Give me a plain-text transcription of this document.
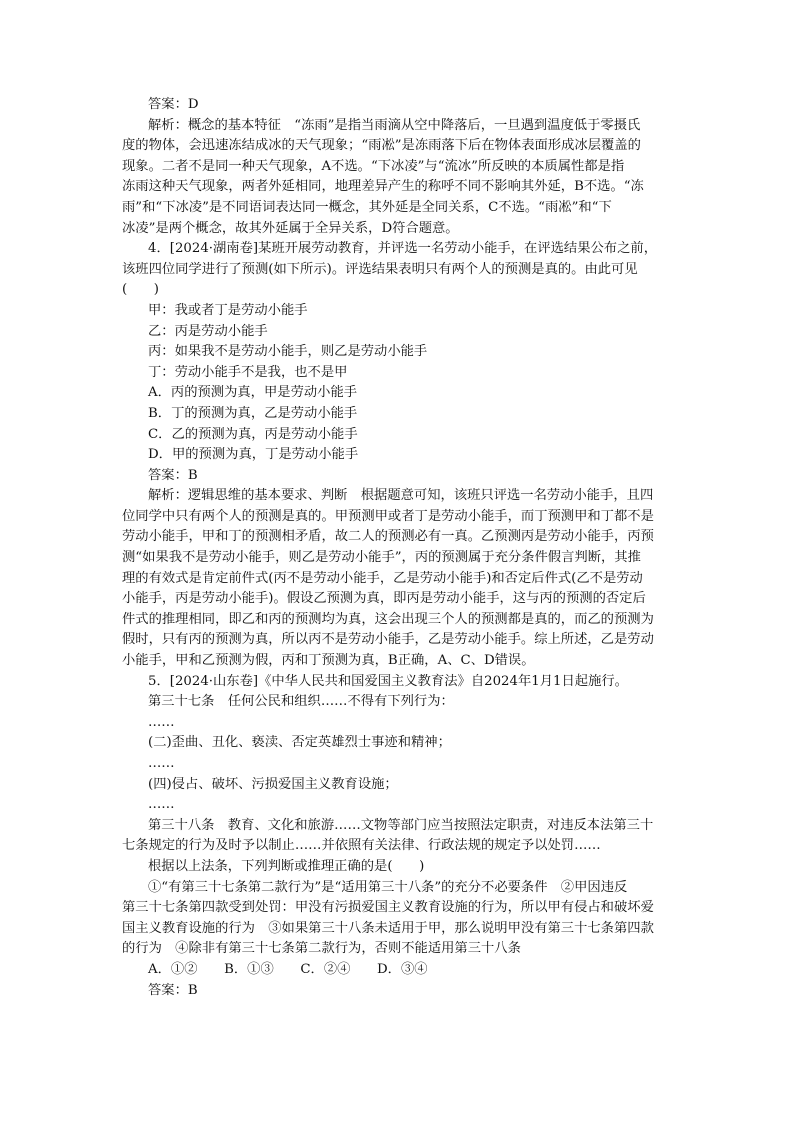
答案：D
解析：概念的基本特征　“冻雨”是指当雨滴从空中降落后，一旦遇到温度低于零摄氏
度的物体，会迅速冻结成冰的天气现象；“雨凇”是冻雨落下后在物体表面形成冰层覆盖的
现象。二者不是同一种天气现象，A不选。“下冰凌”与“流冰”所反映的本质属性都是指
冻雨这种天气现象，两者外延相同，地理差异产生的称呼不同不影响其外延，B不选。“冻
雨”和“下冰凌”是不同语词表达同一概念，其外延是全同关系，C不选。“雨凇”和“下
冰凌”是两个概念，故其外延属于全异关系，D符合题意。
4．[2024·湖南卷]某班开展劳动教育，并评选一名劳动小能手，在评选结果公布之前，
该班四位同学进行了预测(如下所示)。评选结果表明只有两个人的预测是真的。由此可见
(　　)
甲：我或者丁是劳动小能手
乙：丙是劳动小能手
丙：如果我不是劳动小能手，则乙是劳动小能手
丁：劳动小能手不是我，也不是甲
A．丙的预测为真，甲是劳动小能手
B．丁的预测为真，乙是劳动小能手
C．乙的预测为真，丙是劳动小能手
D．甲的预测为真，丁是劳动小能手
答案：B
解析：逻辑思维的基本要求、判断　根据题意可知，该班只评选一名劳动小能手，且四
位同学中只有两个人的预测是真的。甲预测甲或者丁是劳动小能手，而丁预测甲和丁都不是
劳动小能手，甲和丁的预测相矛盾，故二人的预测必有一真。乙预测丙是劳动小能手，丙预
测“如果我不是劳动小能手，则乙是劳动小能手”，丙的预测属于充分条件假言判断，其推
理的有效式是肯定前件式(丙不是劳动小能手，乙是劳动小能手)和否定后件式(乙不是劳动
小能手，丙是劳动小能手)。假设乙预测为真，即丙是劳动小能手，这与丙的预测的否定后
件式的推理相同，即乙和丙的预测均为真，这会出现三个人的预测都是真的，而乙的预测为
假时，只有丙的预测为真，所以丙不是劳动小能手，乙是劳动小能手。综上所述，乙是劳动
小能手，甲和乙预测为假，丙和丁预测为真，B正确，A、C、D错误。
5．[2024·山东卷]《中华人民共和国爱国主义教育法》自2024年1月1日起施行。
第三十七条　任何公民和组织……不得有下列行为：
……
(二)歪曲、丑化、亵渎、否定英雄烈士事迹和精神；
……
(四)侵占、破坏、污损爱国主义教育设施；
……
第三十八条　教育、文化和旅游……文物等部门应当按照法定职责，对违反本法第三十
七条规定的行为及时予以制止……并依照有关法律、行政法规的规定予以处罚……
根据以上法条，下列判断或推理正确的是(　　)
①“有第三十七条第二款行为”是“适用第三十八条”的充分不必要条件　②甲因违反
第三十七条第四款受到处罚：甲没有污损爱国主义教育设施的行为，所以甲有侵占和破坏爱
国主义教育设施的行为　③如果第三十八条未适用于甲，那么说明甲没有第三十七条第四款
的行为　④除非有第三十七条第二款行为，否则不能适用第三十八条
A．①②　　B．①③　　C．②④　　D．③④
答案：B
